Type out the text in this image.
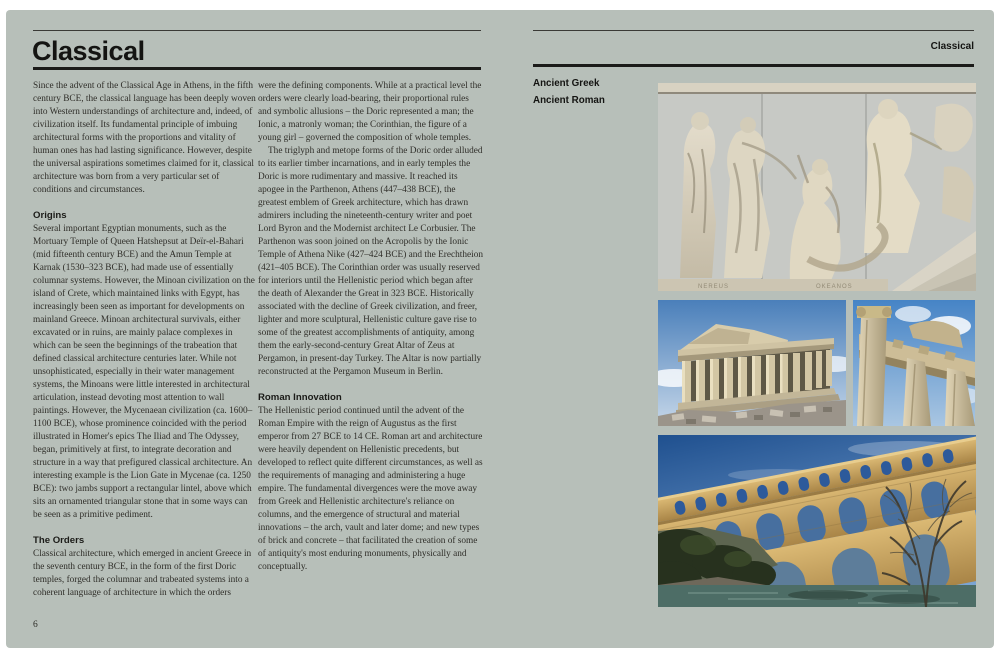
Classical

Since the advent of the Classical Age in Athens, in the fifth century BCE, the classical language has been deeply woven into Western understandings of architecture and, indeed, of civilization itself. Its fundamental principle of imbuing architectural forms with the proportions and vitality of human ones has had lasting significance. However, despite the universal aspirations sometimes claimed for it, classical architecture was born from a very particular set of conditions and circumstances.

Origins

Several important Egyptian monuments, such as the Mortuary Temple of Queen Hatshepsut at Deïr-el-Bahari (mid fifteenth century BCE) and the Amun Temple at Karnak (1530–323 BCE), had made use of essentially columnar systems. However, the Minoan civilization on the island of Crete, which maintained links with Egypt, has increasingly been seen as important for developments on mainland Greece. Minoan architectural survivals, either excavated or in ruins, are mainly palace complexes in which can be seen the beginnings of the trabeation that defined classical architecture centuries later. While not unsophisticated, especially in their water management systems, the Minoans were little interested in architectural articulation, instead devoting most attention to wall paintings. However, the Mycenaean civilization (ca. 1600–1100 BCE), whose prominence coincided with the period illustrated in Homer's epics The Iliad and The Odyssey, began, primitively at first, to integrate decoration and structure in a way that prefigured classical architecture. An interesting example is the Lion Gate in Mycenae (ca. 1250 BCE): two jambs support a rectangular lintel, above which sits an ornamented triangular stone that in some ways can be seen as a primitive pediment.

The Orders

Classical architecture, which emerged in ancient Greece in the seventh century BCE, in the form of the first Doric temples, forged the columnar and trabeated systems into a coherent language of architecture in which the orders

were the defining components. While at a practical level the orders were clearly load-bearing, their proportional rules and symbolic allusions – the Doric represented a man; the Ionic, a matronly woman; the Corinthian, the figure of a young girl – governed the composition of whole temples.

The triglyph and metope forms of the Doric order alluded to its earlier timber incarnations, and in early temples the Doric is more rudimentary and massive. It reached its apogee in the Parthenon, Athens (447–438 BCE), the greatest emblem of Greek architecture, which has drawn admirers including the nineteenth-century writer and poet Lord Byron and the Modernist architect Le Corbusier. The Parthenon was soon joined on the Acropolis by the Ionic Temple of Athena Nike (427–424 BCE) and the Erechtheion (421–405 BCE). The Corinthian order was usually reserved for interiors until the Hellenistic period which began after the death of Alexander the Great in 323 BCE. Historically associated with the decline of Greek civilization, and freer, lighter and more sculptural, Hellenistic culture gave rise to some of the greatest accomplishments of antiquity, among them the early-second-century Great Altar of Zeus at Pergamon, in present-day Turkey. The Altar is now partially reconstructed at the Pergamon Museum in Berlin.

Roman Innovation

The Hellenistic period continued until the advent of the Roman Empire with the reign of Augustus as the first emperor from 27 BCE to 14 CE. Roman art and architecture were heavily dependent on Hellenistic precedents, but developed to reflect quite different circumstances, as well as the requirements of managing and administering a huge empire. The fundamental divergences were the move away from Greek and Hellenistic architecture's reliance on columns, and the emergence of structural and material innovations – the arch, vault and later dome; and new types of brick and concrete – that facilitated the creation of some of antiquity's most enduring monuments, physically and conceptually.

6
Classical
Ancient Greek
Ancient Roman
NEREUS	OKEANOS
